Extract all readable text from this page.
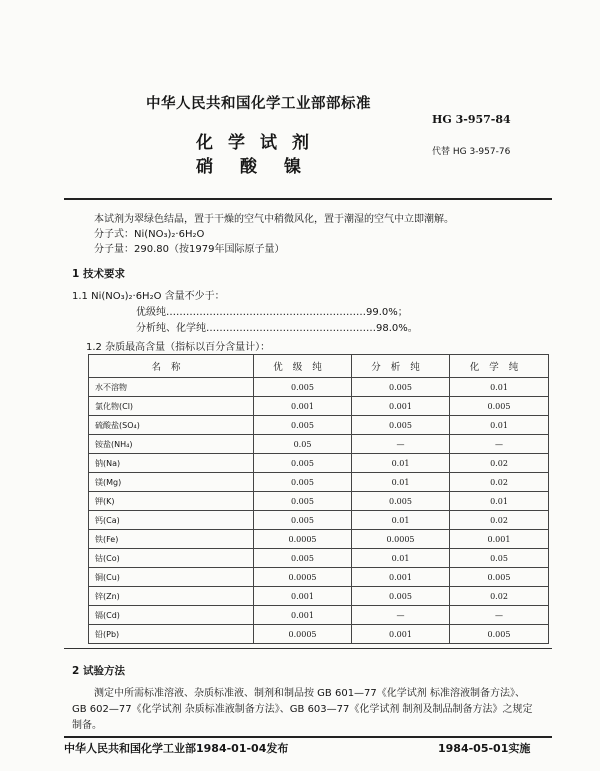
中华人民共和国化学工业部部标准
HG 3-957-84
化学试剂
硝酸镍
代替 HG 3-957-76
本试剂为翠绿色结晶，置于干燥的空气中稍微风化，置于潮湿的空气中立即潮解。
分子式：Ni(NO₃)₂·6H₂O
分子量：290.80（按1979年国际原子量）
1 技术要求
1.1 Ni(NO₃)₂·6H₂O 含量不少于：
优级纯……………………………………………………99.0%；
分析纯、化学纯……………………………………………98.0%。
1.2 杂质最高含量（指标以百分含量计）：
名称	优级纯	分析纯	化学纯
水不溶物	0.005	0.005	0.01
氯化物(Cl)	0.001	0.001	0.005
硫酸盐(SO₄)	0.005	0.005	0.01
铵盐(NH₄)	0.05	—	—
钠(Na)	0.005	0.01	0.02
镁(Mg)	0.005	0.01	0.02
钾(K)	0.005	0.005	0.01
钙(Ca)	0.005	0.01	0.02
铁(Fe)	0.0005	0.0005	0.001
钴(Co)	0.005	0.01	0.05
铜(Cu)	0.0005	0.001	0.005
锌(Zn)	0.001	0.005	0.02
镉(Cd)	0.001	—	—
铅(Pb)	0.0005	0.001	0.005
2 试验方法
测定中所需标准溶液、杂质标准液、制剂和制品按 GB 601—77《化学试剂 标准溶液制备方法》、
GB 602—77《化学试剂 杂质标准液制备方法》、GB 603—77《化学试剂 制剂及制品制备方法》之规定
制备。
中华人民共和国化学工业部1984-01-04发布	1984-05-01实施
